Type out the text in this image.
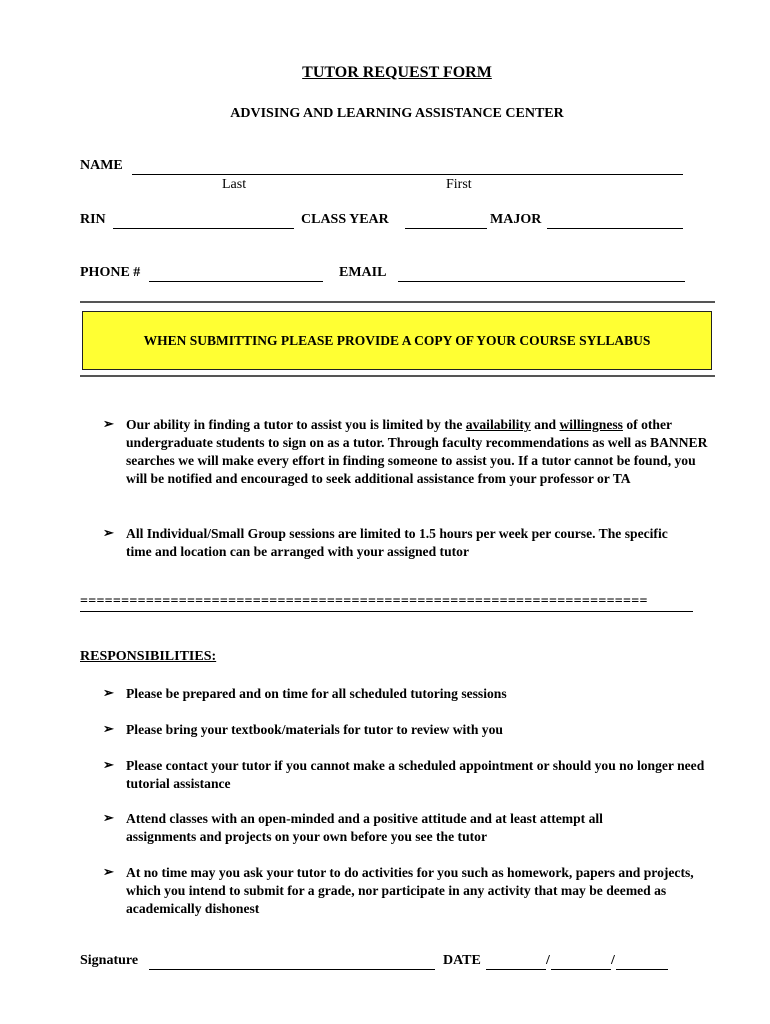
TUTOR REQUEST FORM
ADVISING AND LEARNING ASSISTANCE CENTER
NAME
Last	First
RIN	CLASS YEAR	MAJOR
PHONE #	EMAIL
WHEN SUBMITTING PLEASE PROVIDE A COPY OF YOUR COURSE SYLLABUS
➢ Our ability in finding a tutor to assist you is limited by the availability and willingness of other undergraduate students to sign on as a tutor. Through faculty recommendations as well as BANNER searches we will make every effort in finding someone to assist you. If a tutor cannot be found, you will be notified and encouraged to seek additional assistance from your professor or TA
➢ All Individual/Small Group sessions are limited to 1.5 hours per week per course. The specific time and location can be arranged with your assigned tutor
=====================================================================
RESPONSIBILITIES:
➢ Please be prepared and on time for all scheduled tutoring sessions
➢ Please bring your textbook/materials for tutor to review with you
➢ Please contact your tutor if you cannot make a scheduled appointment or should you no longer need tutorial assistance
➢ Attend classes with an open-minded and a positive attitude and at least attempt all assignments and projects on your own before you see the tutor
➢ At no time may you ask your tutor to do activities for you such as homework, papers and projects, which you intend to submit for a grade, nor participate in any activity that may be deemed as academically dishonest
Signature	DATE	/	/
